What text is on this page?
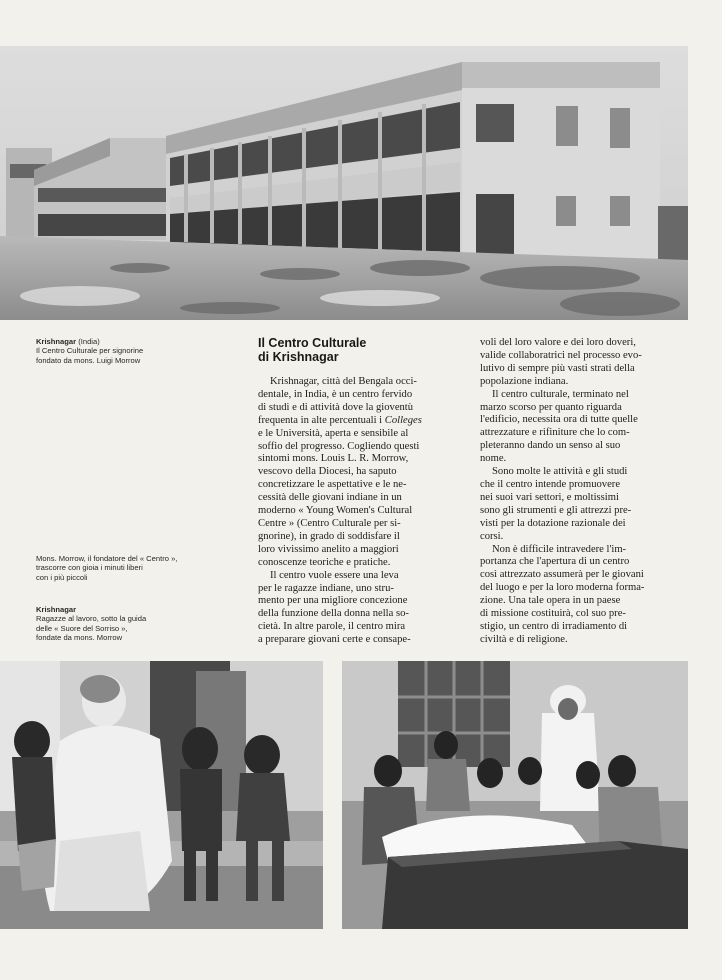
Krishnagar (India)
Il Centro Culturale per signorine
fondato da mons. Luigi Morrow
Mons. Morrow, il fondatore del « Centro »,
trascorre con gioia i minuti liberi
con i più piccoli
Krishnagar
Ragazze al lavoro, sotto la guida
delle « Suore del Sorriso »,
fondate da mons. Morrow
Il Centro Culturale
di Krishnagar
Krishnagar, città del Bengala occi-
dentale, in India, è un centro fervido
di studi e di attività dove la gioventù
frequenta in alte percentuali i Colleges
e le Università, aperta e sensibile al
soffio del progresso. Cogliendo questi
sintomi mons. Louis L. R. Morrow,
vescovo della Diocesi, ha saputo
concretizzare le aspettative e le ne-
cessità delle giovani indiane in un
moderno « Young Women's Cultural
Centre » (Centro Culturale per si-
gnorine), in grado di soddisfare il
loro vivissimo anelito a maggiori
conoscenze teoriche e pratiche.
Il centro vuole essere una leva
per le ragazze indiane, uno stru-
mento per una migliore concezione
della funzione della donna nella so-
cietà. In altre parole, il centro mira
a preparare giovani certe e consape-
voli del loro valore e dei loro doveri,
valide collaboratrici nel processo evo-
lutivo di sempre più vasti strati della
popolazione indiana.
Il centro culturale, terminato nel
marzo scorso per quanto riguarda
l'edificio, necessita ora di tutte quelle
attrezzature e rifiniture che lo com-
pleteranno dando un senso al suo
nome.
Sono molte le attività e gli studi
che il centro intende promuovere
nei suoi vari settori, e moltissimi
sono gli strumenti e gli attrezzi pre-
visti per la dotazione razionale dei
corsi.
Non è difficile intravedere l'im-
portanza che l'apertura di un centro
così attrezzato assumerà per le giovani
del luogo e per la loro moderna forma-
zione. Una tale opera in un paese
di missione costituirà, col suo pre-
stigio, un centro di irradiamento di
civiltà e di religione.
